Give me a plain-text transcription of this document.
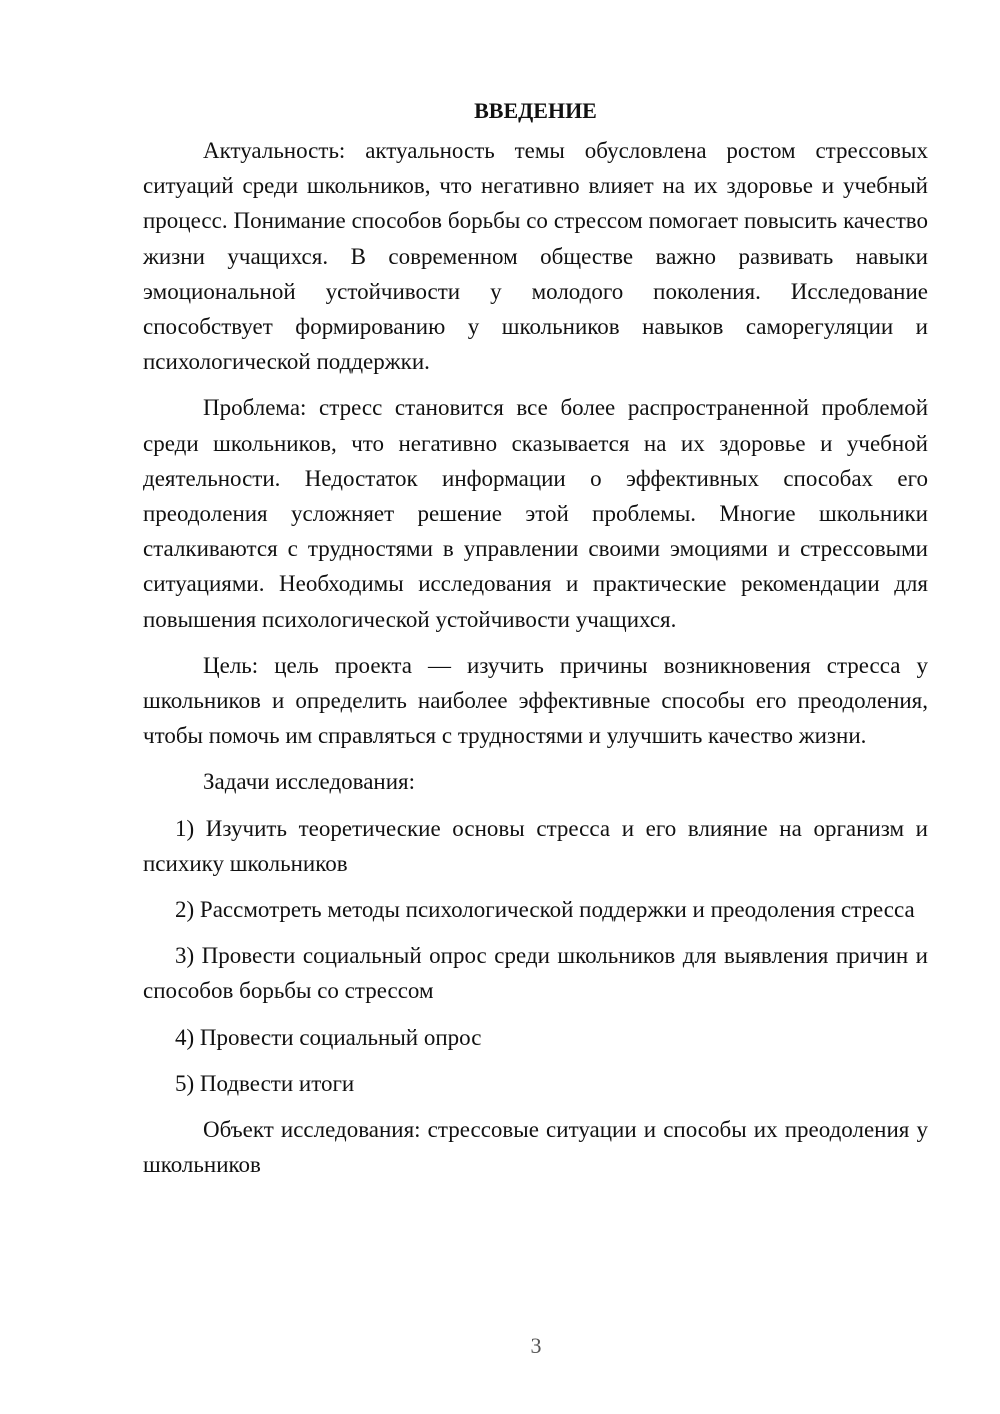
ВВЕДЕНИЕ

Актуальность: актуальность темы обусловлена ростом стрессовых ситуаций среди школьников, что негативно влияет на их здоровье и учебный процесс. Понимание способов борьбы со стрессом помогает повысить качество жизни учащихся. В современном обществе важно развивать навыки эмоциональной устойчивости у молодого поколения. Исследование способствует формированию у школьников навыков саморегуляции и психологической поддержки.

Проблема: стресс становится все более распространенной проблемой среди школьников, что негативно сказывается на их здоровье и учебной деятельности. Недостаток информации о эффективных способах его преодоления усложняет решение этой проблемы. Многие школьники сталкиваются с трудностями в управлении своими эмоциями и стрессовыми ситуациями. Необходимы исследования и практические рекомендации для повышения психологической устойчивости учащихся.

Цель: цель проекта — изучить причины возникновения стресса у школьников и определить наиболее эффективные способы его преодоления, чтобы помочь им справляться с трудностями и улучшить качество жизни.

Задачи исследования:

1) Изучить теоретические основы стресса и его влияние на организм и психику школьников

2) Рассмотреть методы психологической поддержки и преодоления стресса

3) Провести социальный опрос среди школьников для выявления причин и способов борьбы со стрессом

4) Провести социальный опрос

5) Подвести итоги

Объект исследования: стрессовые ситуации и способы их преодоления у школьников

3
